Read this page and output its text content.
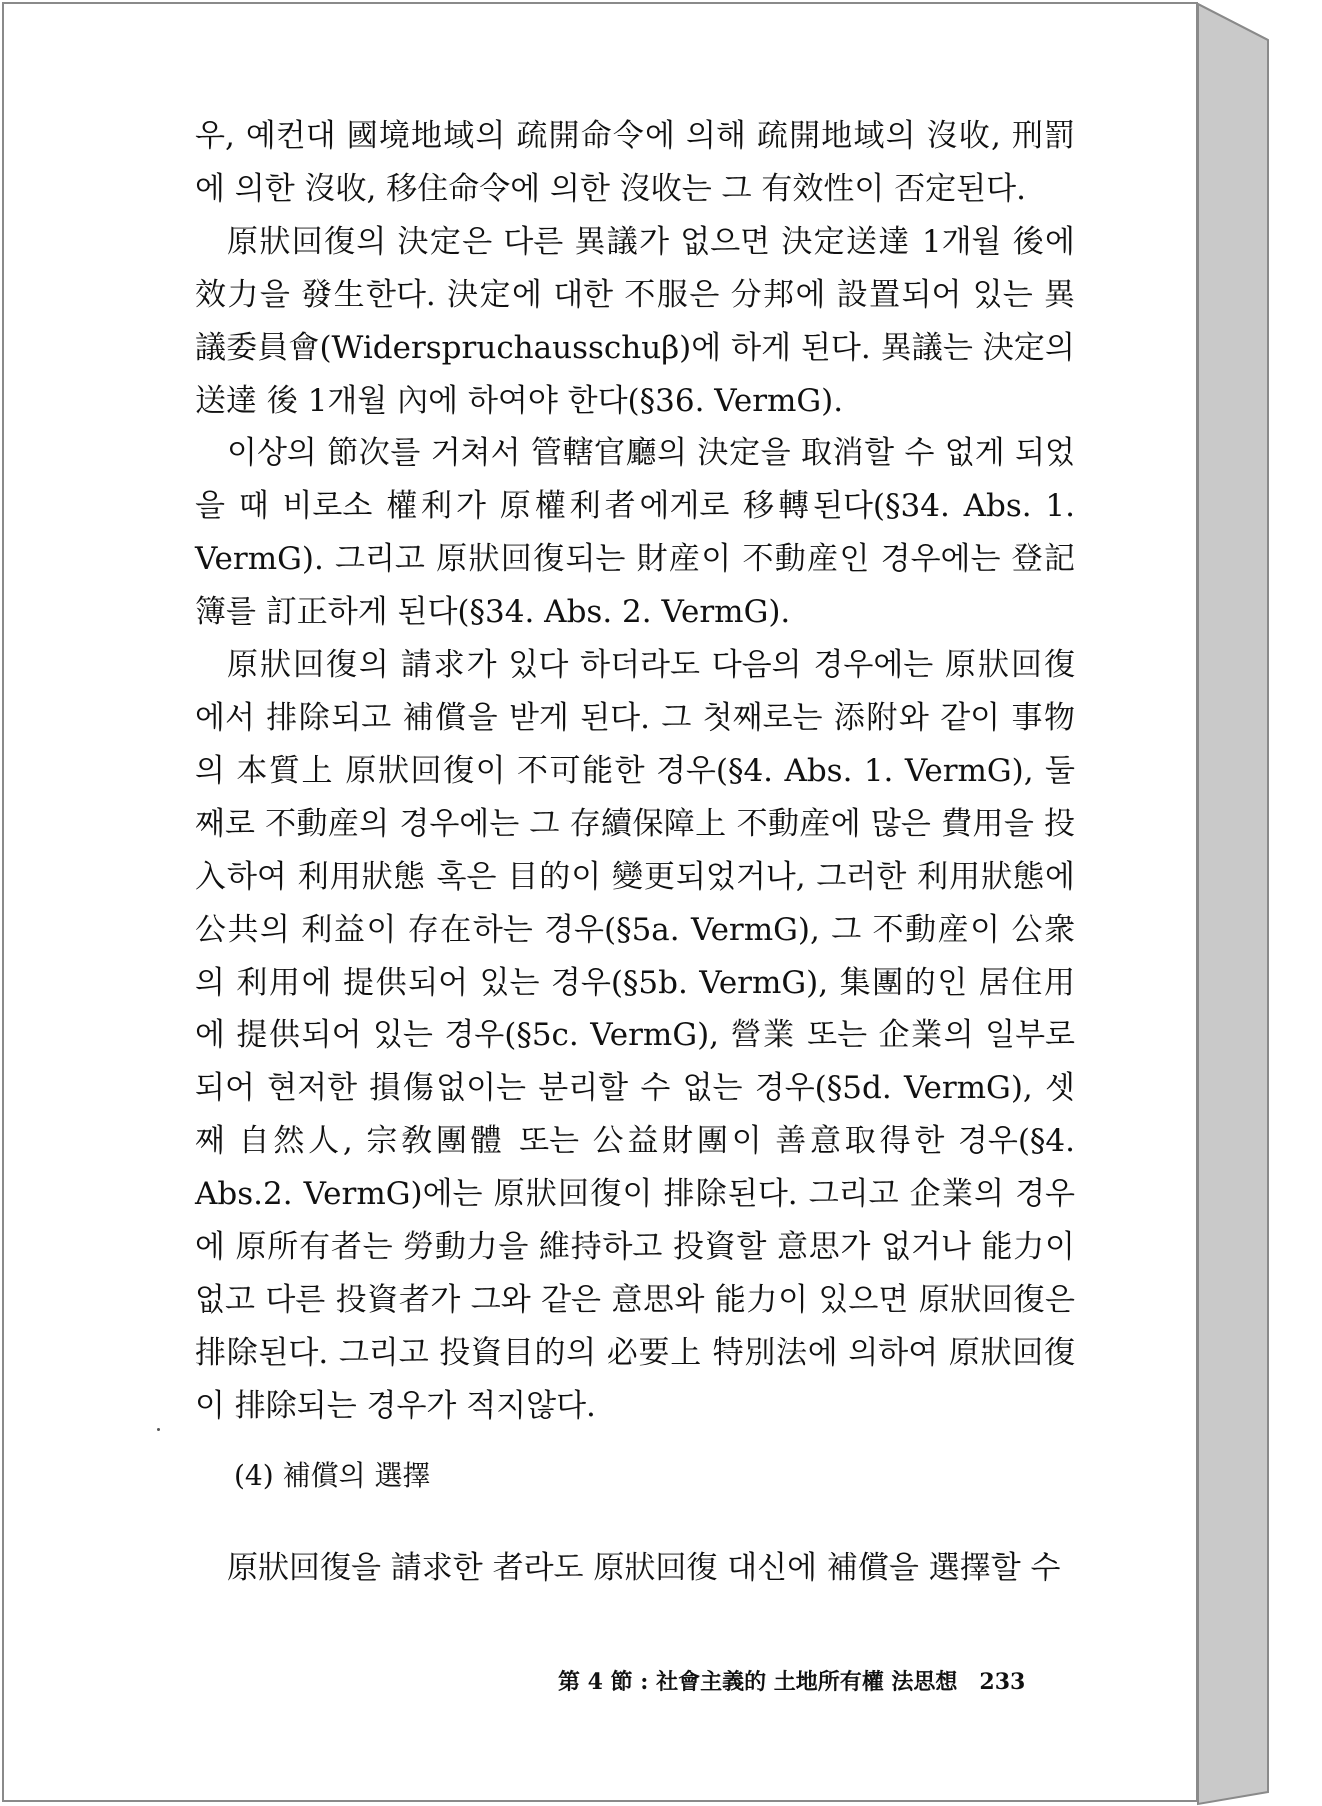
우, 예컨대 國境地域의 疏開命令에 의해 疏開地域의 沒收, 刑罰에 의한 沒收, 移住命令에 의한 沒收는 그 有效性이 否定된다.

原狀回復의 決定은 다른 異議가 없으면 決定送達 1개월 後에 效力을 發生한다. 決定에 대한 不服은 分邦에 設置되어 있는 異議委員會(Widerspruchausschuβ)에 하게 된다. 異議는 決定의 送達 後 1개월 內에 하여야 한다(§36. VermG).

이상의 節次를 거쳐서 管轄官廳의 決定을 取消할 수 없게 되었을 때 비로소 權利가 原權利者에게로 移轉된다(§34. Abs. 1. VermG). 그리고 原狀回復되는 財産이 不動産인 경우에는 登記簿를 訂正하게 된다(§34. Abs. 2. VermG).

原狀回復의 請求가 있다 하더라도 다음의 경우에는 原狀回復에서 排除되고 補償을 받게 된다. 그 첫째로는 添附와 같이 事物의 本質上 原狀回復이 不可能한 경우(§4. Abs. 1. VermG), 둘째로 不動産의 경우에는 그 存續保障上 不動産에 많은 費用을 投入하여 利用狀態 혹은 目的이 變更되었거나, 그러한 利用狀態에 公共의 利益이 存在하는 경우(§5a. VermG), 그 不動産이 公衆의 利用에 提供되어 있는 경우(§5b. VermG), 集團的인 居住用에 提供되어 있는 경우(§5c. VermG), 營業 또는 企業의 일부로 되어 현저한 損傷없이는 분리할 수 없는 경우(§5d. VermG), 셋째 自然人, 宗敎團體 또는 公益財團이 善意取得한 경우(§4. Abs.2. VermG)에는 原狀回復이 排除된다. 그리고 企業의 경우에 原所有者는 勞動力을 維持하고 投資할 意思가 없거나 能力이 없고 다른 投資者가 그와 같은 意思와 能力이 있으면 原狀回復은 排除된다. 그리고 投資目的의 必要上 特別法에 의하여 原狀回復이 排除되는 경우가 적지않다.

(4) 補償의 選擇
原狀回復을 請求한 者라도 原狀回復 대신에 補償을 選擇할 수
第 4 節 : 社會主義的 土地所有權 法思想 233
